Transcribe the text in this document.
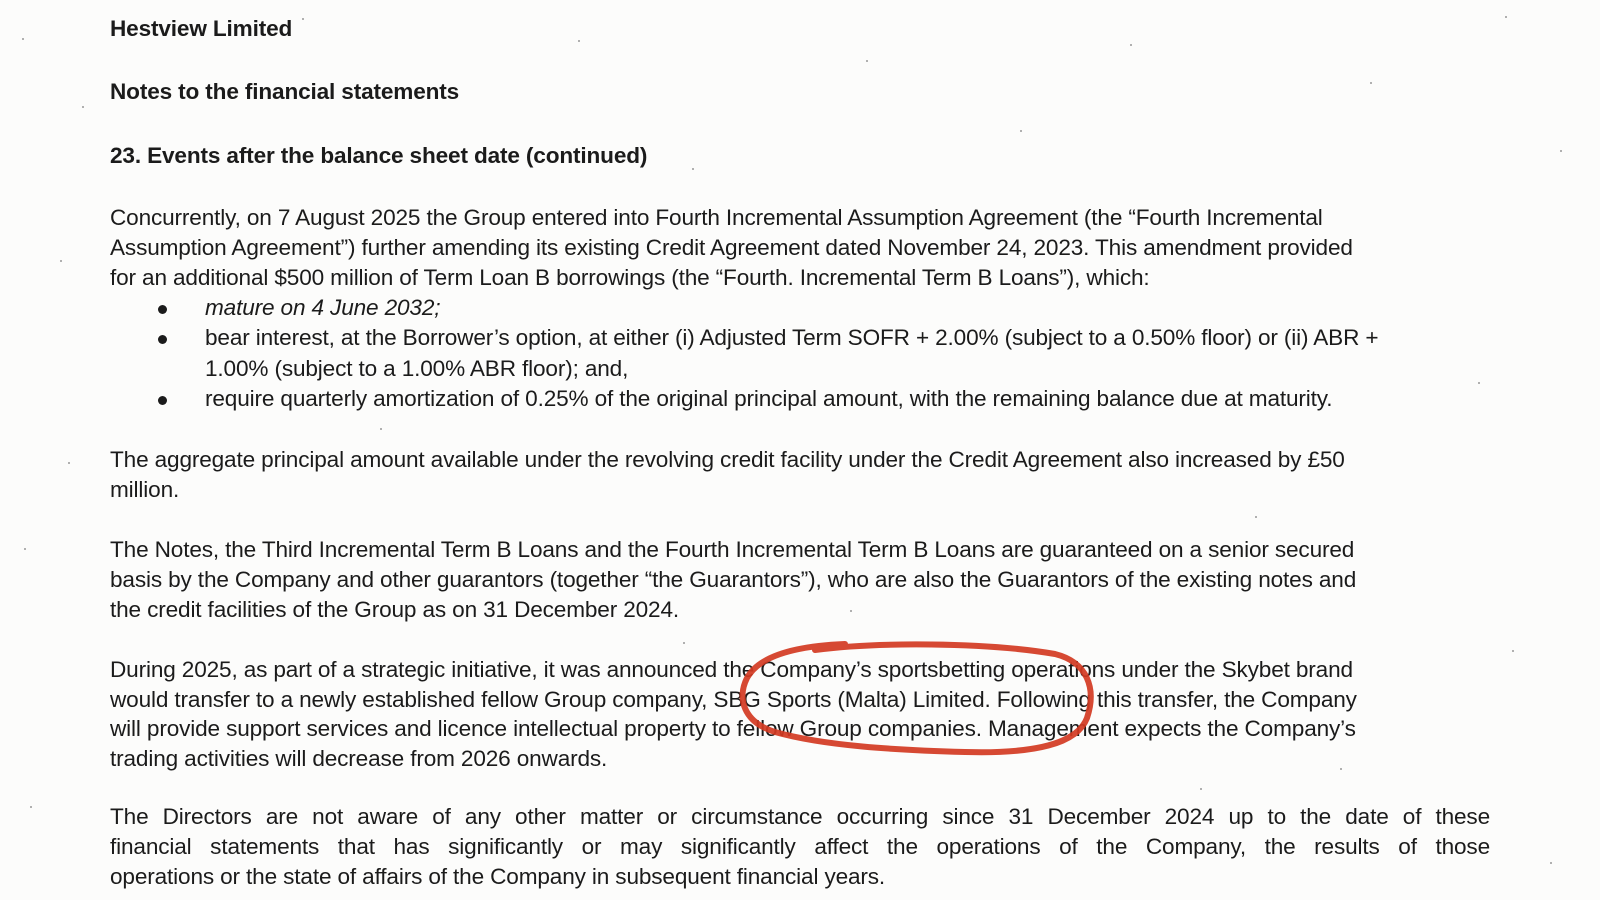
Hestview Limited
Notes to the financial statements
23. Events after the balance sheet date (continued)
Concurrently, on 7 August 2025 the Group entered into Fourth Incremental Assumption Agreement (the “Fourth Incremental
Assumption Agreement”) further amending its existing Credit Agreement dated November 24, 2023. This amendment provided
for an additional $500 million of Term Loan B borrowings (the “Fourth. Incremental Term B Loans”), which:
mature on 4 June 2032;
bear interest, at the Borrower’s option, at either (i) Adjusted Term SOFR + 2.00% (subject to a 0.50% floor) or (ii) ABR +
1.00% (subject to a 1.00% ABR floor); and,
require quarterly amortization of 0.25% of the original principal amount, with the remaining balance due at maturity.
The aggregate principal amount available under the revolving credit facility under the Credit Agreement also increased by £50
million.
The Notes, the Third Incremental Term B Loans and the Fourth Incremental Term B Loans are guaranteed on a senior secured
basis by the Company and other guarantors (together “the Guarantors”), who are also the Guarantors of the existing notes and
the credit facilities of the Group as on 31 December 2024.
During 2025, as part of a strategic initiative, it was announced the Company’s sportsbetting operations under the Skybet brand
would transfer to a newly established fellow Group company, SBG Sports (Malta) Limited. Following this transfer, the Company
will provide support services and licence intellectual property to fellow Group companies. Management expects the Company’s
trading activities will decrease from 2026 onwards.
The Directors are not aware of any other matter or circumstance occurring since 31 December 2024 up to the date of these
financial statements that has significantly or may significantly affect the operations of the Company, the results of those
operations or the state of affairs of the Company in subsequent financial years.
